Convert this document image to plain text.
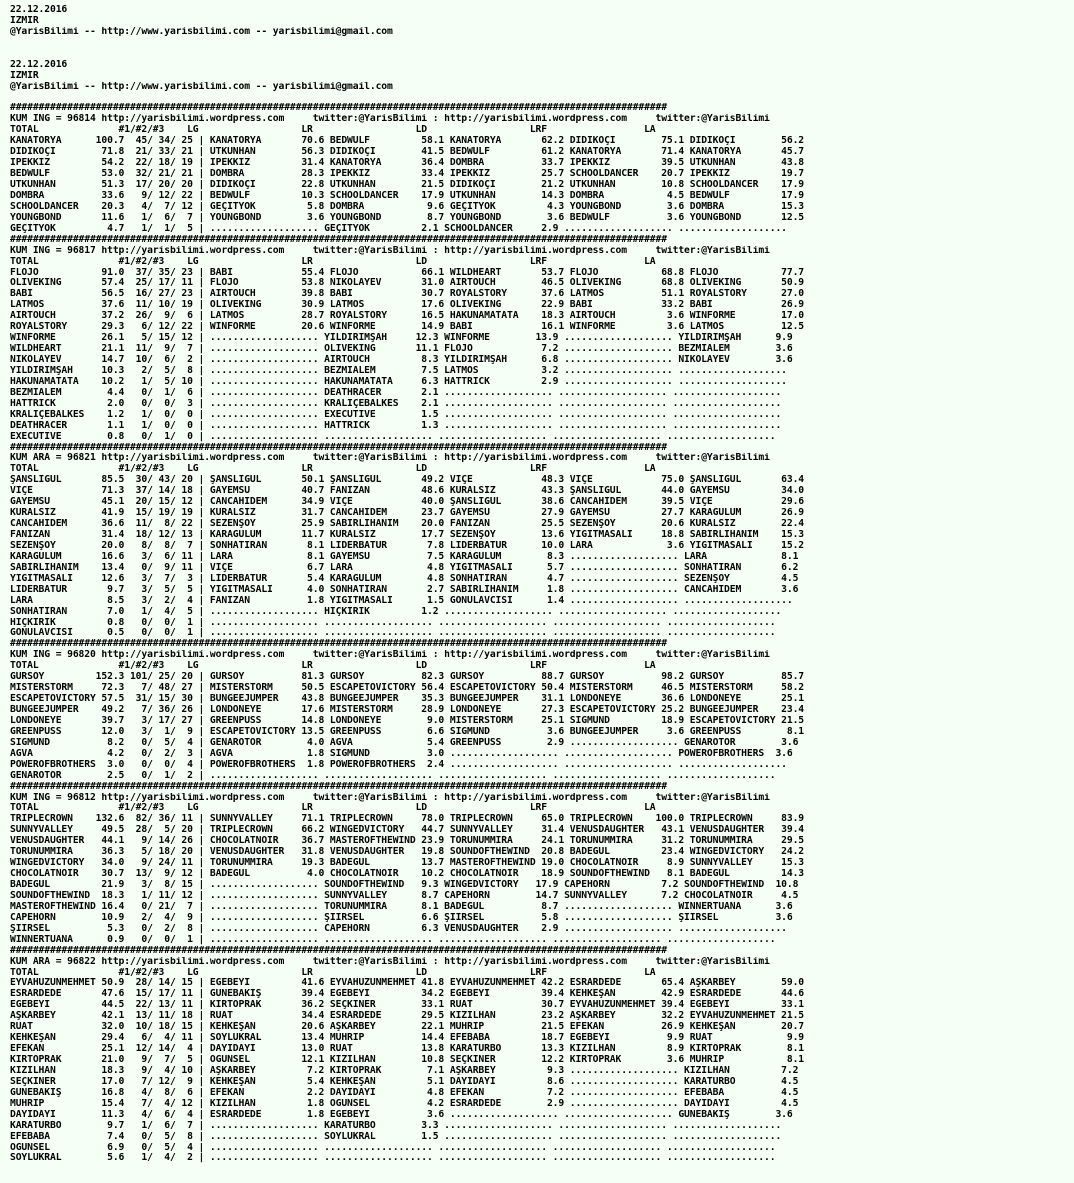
22.12.2016
IZMIR
@YarisBilimi -- http://www.yarisbilimi.com -- yarisbilimi@gmail.com
22.12.2016
IZMIR
@YarisBilimi -- http://www.yarisbilimi.com -- yarisbilimi@gmail.com
###################################################################################################################
KUM ING = 96814 http://yarisbilimi.wordpress.com     twitter:@YarisBilimi : http://yarisbilimi.wordpress.com     twitter:@YarisBilimi
TOTAL              #1/#2/#3    LG                  LR                  LD                  LRF                 LA
KANATORYA      100.7  45/ 34/ 25 | KANATORYA       70.6 BEDWULF         58.1 KANATORYA       62.2 DİDİKOÇİ        75.1 DİDİKOÇİ        56.2
DİDİKOÇİ        71.8  21/ 33/ 21 | UTKUNHAN        56.3 DİDİKOÇİ        41.5 BEDWULF         61.2 KANATORYA       71.4 KANATORYA       45.7
İPEKKIZ         54.2  22/ 18/ 19 | İPEKKIZ         31.4 KANATORYA       36.4 DOMBRA          33.7 İPEKKIZ         39.5 UTKUNHAN        43.8
BEDWULF         53.0  32/ 21/ 21 | DOMBRA          28.3 İPEKKIZ         33.4 İPEKKIZ         25.7 SCHOOLDANCER    20.7 İPEKKIZ         19.7
UTKUNHAN        51.3  17/ 20/ 20 | DİDİKOÇİ        22.8 UTKUNHAN        21.5 DİDİKOÇİ        21.2 UTKUNHAN        10.8 SCHOOLDANCER    17.9
DOMBRA          33.6   9/ 12/ 22 | BEDWULF         10.3 SCHOOLDANCER    17.9 UTKUNHAN        14.3 DOMBRA           4.5 BEDWULF         17.9
SCHOOLDANCER    20.3   4/  7/ 12 | GEÇİTYOK         5.8 DOMBRA           9.6 GEÇİTYOK         4.3 YOUNGBOND        3.6 DOMBRA          15.3
YOUNGBOND       11.6   1/  6/  7 | YOUNGBOND        3.6 YOUNGBOND        8.7 YOUNGBOND        3.6 BEDWULF          3.6 YOUNGBOND       12.5
GEÇİTYOK         4.7   1/  1/  5 | ................... GEÇİTYOK         2.1 SCHOOLDANCER     2.9 ................... ...................
###################################################################################################################
KUM ING = 96817 http://yarisbilimi.wordpress.com     twitter:@YarisBilimi : http://yarisbilimi.wordpress.com     twitter:@YarisBilimi
TOTAL              #1/#2/#3    LG                  LR                  LD                  LRF                 LA
FLOJO           91.0  37/ 35/ 23 | BABİ            55.4 FLOJO           66.1 WILDHEART       53.7 FLOJO           68.8 FLOJO           77.7
OLIVEKING       57.4  25/ 17/ 11 | FLOJO           53.8 NIKOLAYEV       31.0 AIRTOUCH        46.5 OLIVEKING       68.8 OLIVEKING       50.9
BABİ            56.5  16/ 27/ 23 | AIRTOUCH        39.8 BABİ            30.7 ROYALSTORY      37.6 LATMOS          51.1 ROYALSTORY      27.0
LATMOS          37.6  11/ 10/ 19 | OLIVEKING       30.9 LATMOS          17.6 OLIVEKING       22.9 BABİ            33.2 BABİ            26.9
AIRTOUCH        37.2  26/  9/  6 | LATMOS          28.7 ROYALSTORY      16.5 HAKUNAMATATA    18.3 AIRTOUCH         3.6 WINFORME        17.0
ROYALSTORY      29.3   6/ 12/ 22 | WINFORME        20.6 WINFORME        14.9 BABİ            16.1 WINFORME         3.6 LATMOS          12.5
WINFORME        26.1   5/ 15/ 12 | ................... YILDIRIMŞAH     12.3 WINFORME        13.9 ................... YILDIRIMŞAH      9.9
WILDHEART       21.1  11/  9/  7 | ................... OLIVEKING       11.1 FLOJO            7.2 ................... BEZMİALEM        3.6
NIKOLAYEV       14.7  10/  6/  2 | ................... AIRTOUCH         8.3 YILDIRIMŞAH      6.8 ................... NIKOLAYEV        3.6
YILDIRIMŞAH     10.3   2/  5/  8 | ................... BEZMİALEM        7.5 LATMOS           3.2 ................... ...................
HAKUNAMATATA    10.2   1/  5/ 10 | ................... HAKUNAMATATA     6.3 HATTRICK         2.9 ................... ...................
BEZMİALEM        4.4   0/  1/  6 | ................... DEATHRACER       2.1 ................... ................... ...................
HATTRICK         2.0   0/  0/  3 | ................... KRALİÇEBALKES    2.1 ................... ................... ...................
KRALİÇEBALKES    1.2   1/  0/  0 | ................... EXECUTIVE        1.5 ................... ................... ...................
DEATHRACER       1.1   1/  0/  0 | ................... HATTRICK         1.3 ................... ................... ...................
EXECUTIVE        0.8   0/  1/  0 | ................... ................... ................... ................... ...................
###################################################################################################################
KUM ARA = 96821 http://yarisbilimi.wordpress.com     twitter:@YarisBilimi : http://yarisbilimi.wordpress.com     twitter:@YarisBilimi
TOTAL              #1/#2/#3    LG                  LR                  LD                  LRF                 LA
ŞANSLIGÜL       85.5  30/ 43/ 20 | ŞANSLIGÜL       50.1 ŞANSLIGÜL       49.2 VİÇE            48.3 VİÇE            75.0 ŞANSLIGÜL       63.4
VİÇE            71.3  37/ 14/ 18 | GAYEMSU         40.7 FANİZAN         48.6 KURALSIZ        43.3 ŞANSLIGÜL       44.0 GAYEMSU         34.0
GAYEMSU         45.1  20/ 15/ 12 | CANCAHİDEM      34.9 VİÇE            40.0 ŞANSLIGÜL       38.6 CANCAHİDEM      39.5 VİÇE            29.6
KURALSIZ        41.9  15/ 19/ 19 | KURALSIZ        31.7 CANCAHİDEM      23.7 GAYEMSU         27.9 GAYEMSU         27.7 KARAGÜLÜM       26.9
CANCAHİDEM      36.6  11/  8/ 22 | SEZENŞOY        25.9 SABIRLIHANIM    20.0 FANİZAN         25.5 SEZENŞOY        20.6 KURALSIZ        22.4
FANİZAN         31.4  18/ 12/ 13 | KARAGÜLÜM       11.7 KURALSIZ        17.7 SEZENŞOY        13.6 YİĞİTMASALI     18.8 SABIRLIHANIM    15.3
SEZENŞOY        20.0   8/  8/  7 | SONHATIRAN       8.1 LİDERBATUR       7.8 LİDERBATUR      10.0 LARA             3.6 YİĞİTMASALI     15.2
KARAGÜLÜM       16.6   3/  6/ 11 | LARA             8.1 GAYEMSU          7.5 KARAGÜLÜM        8.3 ................... LARA             8.1
SABIRLIHANIM    13.4   0/  9/ 11 | VİÇE             6.7 LARA             4.8 YİĞİTMASALI      5.7 ................... SONHATIRAN       6.2
YİĞİTMASALI     12.6   3/  7/  3 | LİDERBATUR       5.4 KARAGÜLÜM        4.8 SONHATIRAN       4.7 ................... SEZENŞOY         4.5
LİDERBATUR       9.7   3/  5/  5 | YİĞİTMASALI      4.0 SONHATIRAN       2.7 SABIRLIHANIM     1.8 ................... CANCAHİDEM       3.6
LARA             8.5   3/  2/  4 | FANİZAN          1.8 YİĞİTMASALI      1.5 GONULAVCISI      1.4 ................... ...................
SONHATIRAN       7.0   1/  4/  5 | ................... HIÇKIRIK         1.2 ................... ................... ...................
HIÇKIRIK         0.8   0/  0/  1 | ................... ................... ................... ................... ...................
GONULAVCISI      0.5   0/  0/  1 | ................... ................... ................... ................... ...................
###################################################################################################################
KUM ING = 96820 http://yarisbilimi.wordpress.com     twitter:@YarisBilimi : http://yarisbilimi.wordpress.com     twitter:@YarisBilimi
TOTAL              #1/#2/#3    LG                  LR                  LD                  LRF                 LA
GÜRSOY         152.3 101/ 25/ 20 | GÜRSOY          81.3 GÜRSOY          82.3 GÜRSOY          88.7 GÜRSOY          98.2 GÜRSOY          85.7
MISTERSTORM     72.3   7/ 48/ 27 | MISTERSTORM     50.5 ESCAPETOVICTORY 56.4 ESCAPETOVICTORY 50.4 MISTERSTORM     46.5 MISTERSTORM     58.2
ESCAPETOVICTORY 57.5  31/ 15/ 30 | BUNGEEJUMPER    43.8 BUNGEEJUMPER    35.3 BUNGEEJUMPER    31.1 LONDONEYE       36.6 LONDONEYE       25.1
BUNGEEJUMPER    49.2   7/ 36/ 26 | LONDONEYE       17.6 MISTERSTORM     28.9 LONDONEYE       27.3 ESCAPETOVICTORY 25.2 BUNGEEJUMPER    23.4
LONDONEYE       39.7   3/ 17/ 27 | GREENPUSS       14.8 LONDONEYE        9.0 MISTERSTORM     25.1 SIGMUND         18.9 ESCAPETOVICTORY 21.5
GREENPUSS       12.0   3/  1/  9 | ESCAPETOVICTORY 13.5 GREENPUSS        6.6 SIGMUND          3.6 BUNGEEJUMPER     3.6 GREENPUSS        8.1
SIGMUND          8.2   0/  5/  4 | GENAROTOR        4.0 AGVA             5.4 GREENPUSS        2.9 ................... GENAROTOR        3.6
AGVA             4.2   0/  2/  3 | AGVA             1.8 SIGMUND          3.0 ................... ................... POWEROFBROTHERS  3.6
POWEROFBROTHERS  3.0   0/  0/  4 | POWEROFBROTHERS  1.8 POWEROFBROTHERS  2.4 ................... ................... ...................
GENAROTOR        2.5   0/  1/  2 | ................... ................... ................... ................... ...................
###################################################################################################################
KUM ING = 96812 http://yarisbilimi.wordpress.com     twitter:@YarisBilimi : http://yarisbilimi.wordpress.com     twitter:@YarisBilimi
TOTAL              #1/#2/#3    LG                  LR                  LD                  LRF                 LA
TRIPLECROWN    132.6  82/ 36/ 11 | SUNNYVALLEY     71.1 TRIPLECROWN     78.0 TRIPLECROWN     65.0 TRIPLECROWN    100.0 TRIPLECROWN     83.9
SUNNYVALLEY     49.5  28/  5/ 20 | TRIPLECROWN     66.2 WINGEDVICTORY   44.7 SUNNYVALLEY     31.4 VENUSDAUGHTER   43.1 VENUSDAUGHTER   39.4
VENUSDAUGHTER   44.1   9/ 14/ 26 | CHOCOLATNOIR    36.7 MASTEROFTHEWIND 23.9 TORUNUMMİRA     24.1 TORUNUMMİRA     31.2 TORUNUMMİRA     29.5
TORUNUMMİRA     36.3   5/ 18/ 20 | VENUSDAUGHTER   31.8 VENUSDAUGHTER   19.8 SOUNDOFTHEWIND  20.8 BADEGÜL         23.4 WINGEDVICTORY   24.2
WINGEDVICTORY   34.0   9/ 24/ 11 | TORUNUMMİRA     19.3 BADEGÜL         13.7 MASTEROFTHEWIND 19.0 CHOCOLATNOIR     8.9 SUNNYVALLEY     15.3
CHOCOLATNOIR    30.7  13/  9/ 12 | BADEGÜL          4.0 CHOCOLATNOIR    10.2 CHOCOLATNOIR    18.9 SOUNDOFTHEWIND   8.1 BADEGÜL         14.3
BADEGÜL         21.9   3/  8/ 15 | ................... SOUNDOFTHEWIND   9.3 WINGEDVICTORY   17.9 CAPEHORN         7.2 SOUNDOFTHEWIND  10.8
SOUNDOFTHEWIND  18.3   1/ 11/ 12 | ................... SUNNYVALLEY      8.7 CAPEHORN        14.7 SUNNYVALLEY      7.2 CHOCOLATNOIR     4.5
MASTEROFTHEWIND 16.4   0/ 21/  7 | ................... TORUNUMMİRA      8.1 BADEGÜL          8.7 ................... WINNERTUANA      3.6
CAPEHORN        10.9   2/  4/  9 | ................... ŞİİRSEL          6.6 ŞİİRSEL          5.8 ................... ŞİİRSEL          3.6
ŞİİRSEL          5.3   0/  2/  8 | ................... CAPEHORN         6.3 VENUSDAUGHTER    2.9 ................... ...................
WINNERTUANA      0.9   0/  0/  1 | ................... ................... ................... ................... ...................
###################################################################################################################
KUM ARA = 96822 http://yarisbilimi.wordpress.com     twitter:@YarisBilimi : http://yarisbilimi.wordpress.com     twitter:@YarisBilimi
TOTAL              #1/#2/#3    LG                  LR                  LD                  LRF                 LA
EYVAHUZUNMEHMET 50.9  28/ 14/ 15 | EGEBEYİ         41.6 EYVAHUZUNMEHMET 41.8 EYVAHUZUNMEHMET 42.2 ESRARDEDE       65.4 AŞKARBEY        59.0
ESRARDEDE       47.6  15/ 17/ 11 | GÜNEBAKIŞ       39.4 EGEBEYİ         34.2 EGEBEYİ         39.4 KEHKEŞAN        42.9 ESRARDEDE       44.6
EGEBEYİ         44.5  22/ 13/ 11 | KIRTOPRAK       36.2 SEÇKİNER        33.1 RUAT            30.7 EYVAHUZUNMEHMET 39.4 EGEBEYİ         33.1
AŞKARBEY        42.1  13/ 11/ 18 | RUAT            34.4 ESRARDEDE       29.5 KIZILHAN        23.2 AŞKARBEY        32.2 EYVAHUZUNMEHMET 21.5
RUAT            32.0  10/ 18/ 15 | KEHKEŞAN        20.6 AŞKARBEY        22.1 MUHRİP          21.5 EFEKAN          26.9 KEHKEŞAN        20.7
KEHKEŞAN        29.4   6/  4/ 11 | SOYLUKRAL       13.4 MUHRİP          14.4 EFEBABA         18.7 EGEBEYİ          9.9 RUAT             9.9
EFEKAN          25.1  12/ 14/  4 | DAYIDAYI        13.0 RUAT            13.8 KARATURBO       13.3 KIZILHAN         8.9 KIRTOPRAK        8.1
KIRTOPRAK       21.0   9/  7/  5 | OGÜNSEL         12.1 KIZILHAN        10.8 SEÇKİNER        12.2 KIRTOPRAK        3.6 MUHRİP           8.1
KIZILHAN        18.3   9/  4/ 10 | AŞKARBEY         7.2 KIRTOPRAK        7.1 AŞKARBEY         9.3 ................... KIZILHAN         7.2
SEÇKİNER        17.0   7/ 12/  9 | KEHKEŞAN         5.4 KEHKEŞAN         5.1 DAYIDAYI         8.6 ................... KARATURBO        4.5
GÜNEBAKIŞ       16.8   4/  8/  6 | EFEKAN           2.2 DAYIDAYI         4.8 EFEKAN           7.2 ................... EFEBABA          4.5
MUHRİP          15.4   7/  4/ 12 | KIZILHAN         1.8 OGÜNSEL          4.2 ESRARDEDE        2.9 ................... DAYIDAYI         4.5
DAYIDAYI        11.3   4/  6/  4 | ESRARDEDE        1.8 EGEBEYİ          3.6 ................... ................... GÜNEBAKIŞ        3.6
KARATURBO        9.7   1/  6/  7 | ................... KARATURBO        3.3 ................... ................... ...................
EFEBABA          7.4   0/  5/  8 | ................... SOYLUKRAL        1.5 ................... ................... ...................
OGÜNSEL          6.9   0/  5/  4 | ................... ................... ................... ................... ...................
SOYLUKRAL        5.6   1/  4/  2 | ................... ................... ................... ................... ...................
